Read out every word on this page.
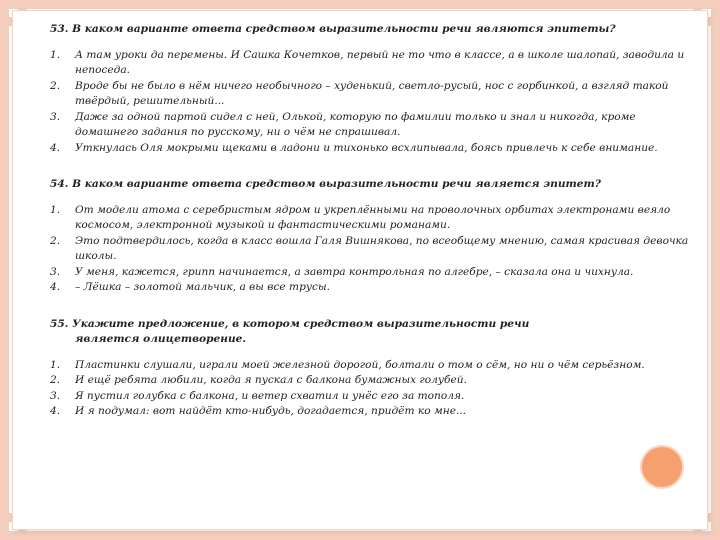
53. В каком варианте ответа средством выразительности речи являются эпитеты?

1.	А там уроки да перемены. И Сашка Кочетков, первый не то что в классе, а в школе шалопай, заводила и непоседа.
2.	Вроде бы не было в нём ничего необычного – худенький, светло-русый, нос с горбинкой, а взгляд такой твёрдый, решительный...
3.	Даже за одной партой сидел с ней, Олькой, которую по фамилии только и знал и никогда, кроме домашнего задания по русскому, ни о чём не спрашивал.
4.	Уткнулась Оля мокрыми щеками в ладони и тихонько всхлипывала, боясь привлечь к себе внимание.

54. В каком варианте ответа средством выразительности речи является эпитет?

1.	От модели атома с серебристым ядром и укреплёнными на проволочных орбитах электронами веяло космосом, электронной музыкой и фантастическими романами.
2.	Это подтвердилось, когда в класс вошла Галя Вишнякова, по всеобщему мнению, самая красивая девочка школы.
3.	У меня, кажется, грипп начинается, а завтра контрольная по алгебре, – сказала она и чихнула.
4.	– Лёшка – золотой мальчик, а вы все трусы.

55. Укажите предложение, в котором средством выразительности речи
является олицетворение.

1.	Пластинки слушали, играли моей железной дорогой, болтали о том о сём, но ни о чём серьёзном.
2.	И ещё ребята любили, когда я пускал с балкона бумажных голубей.
3.	Я пустил голубка с балкона, и ветер схватил и унёс его за тополя.
4.	И я подумал: вот найдёт кто-нибудь, догадается, придёт ко мне...
